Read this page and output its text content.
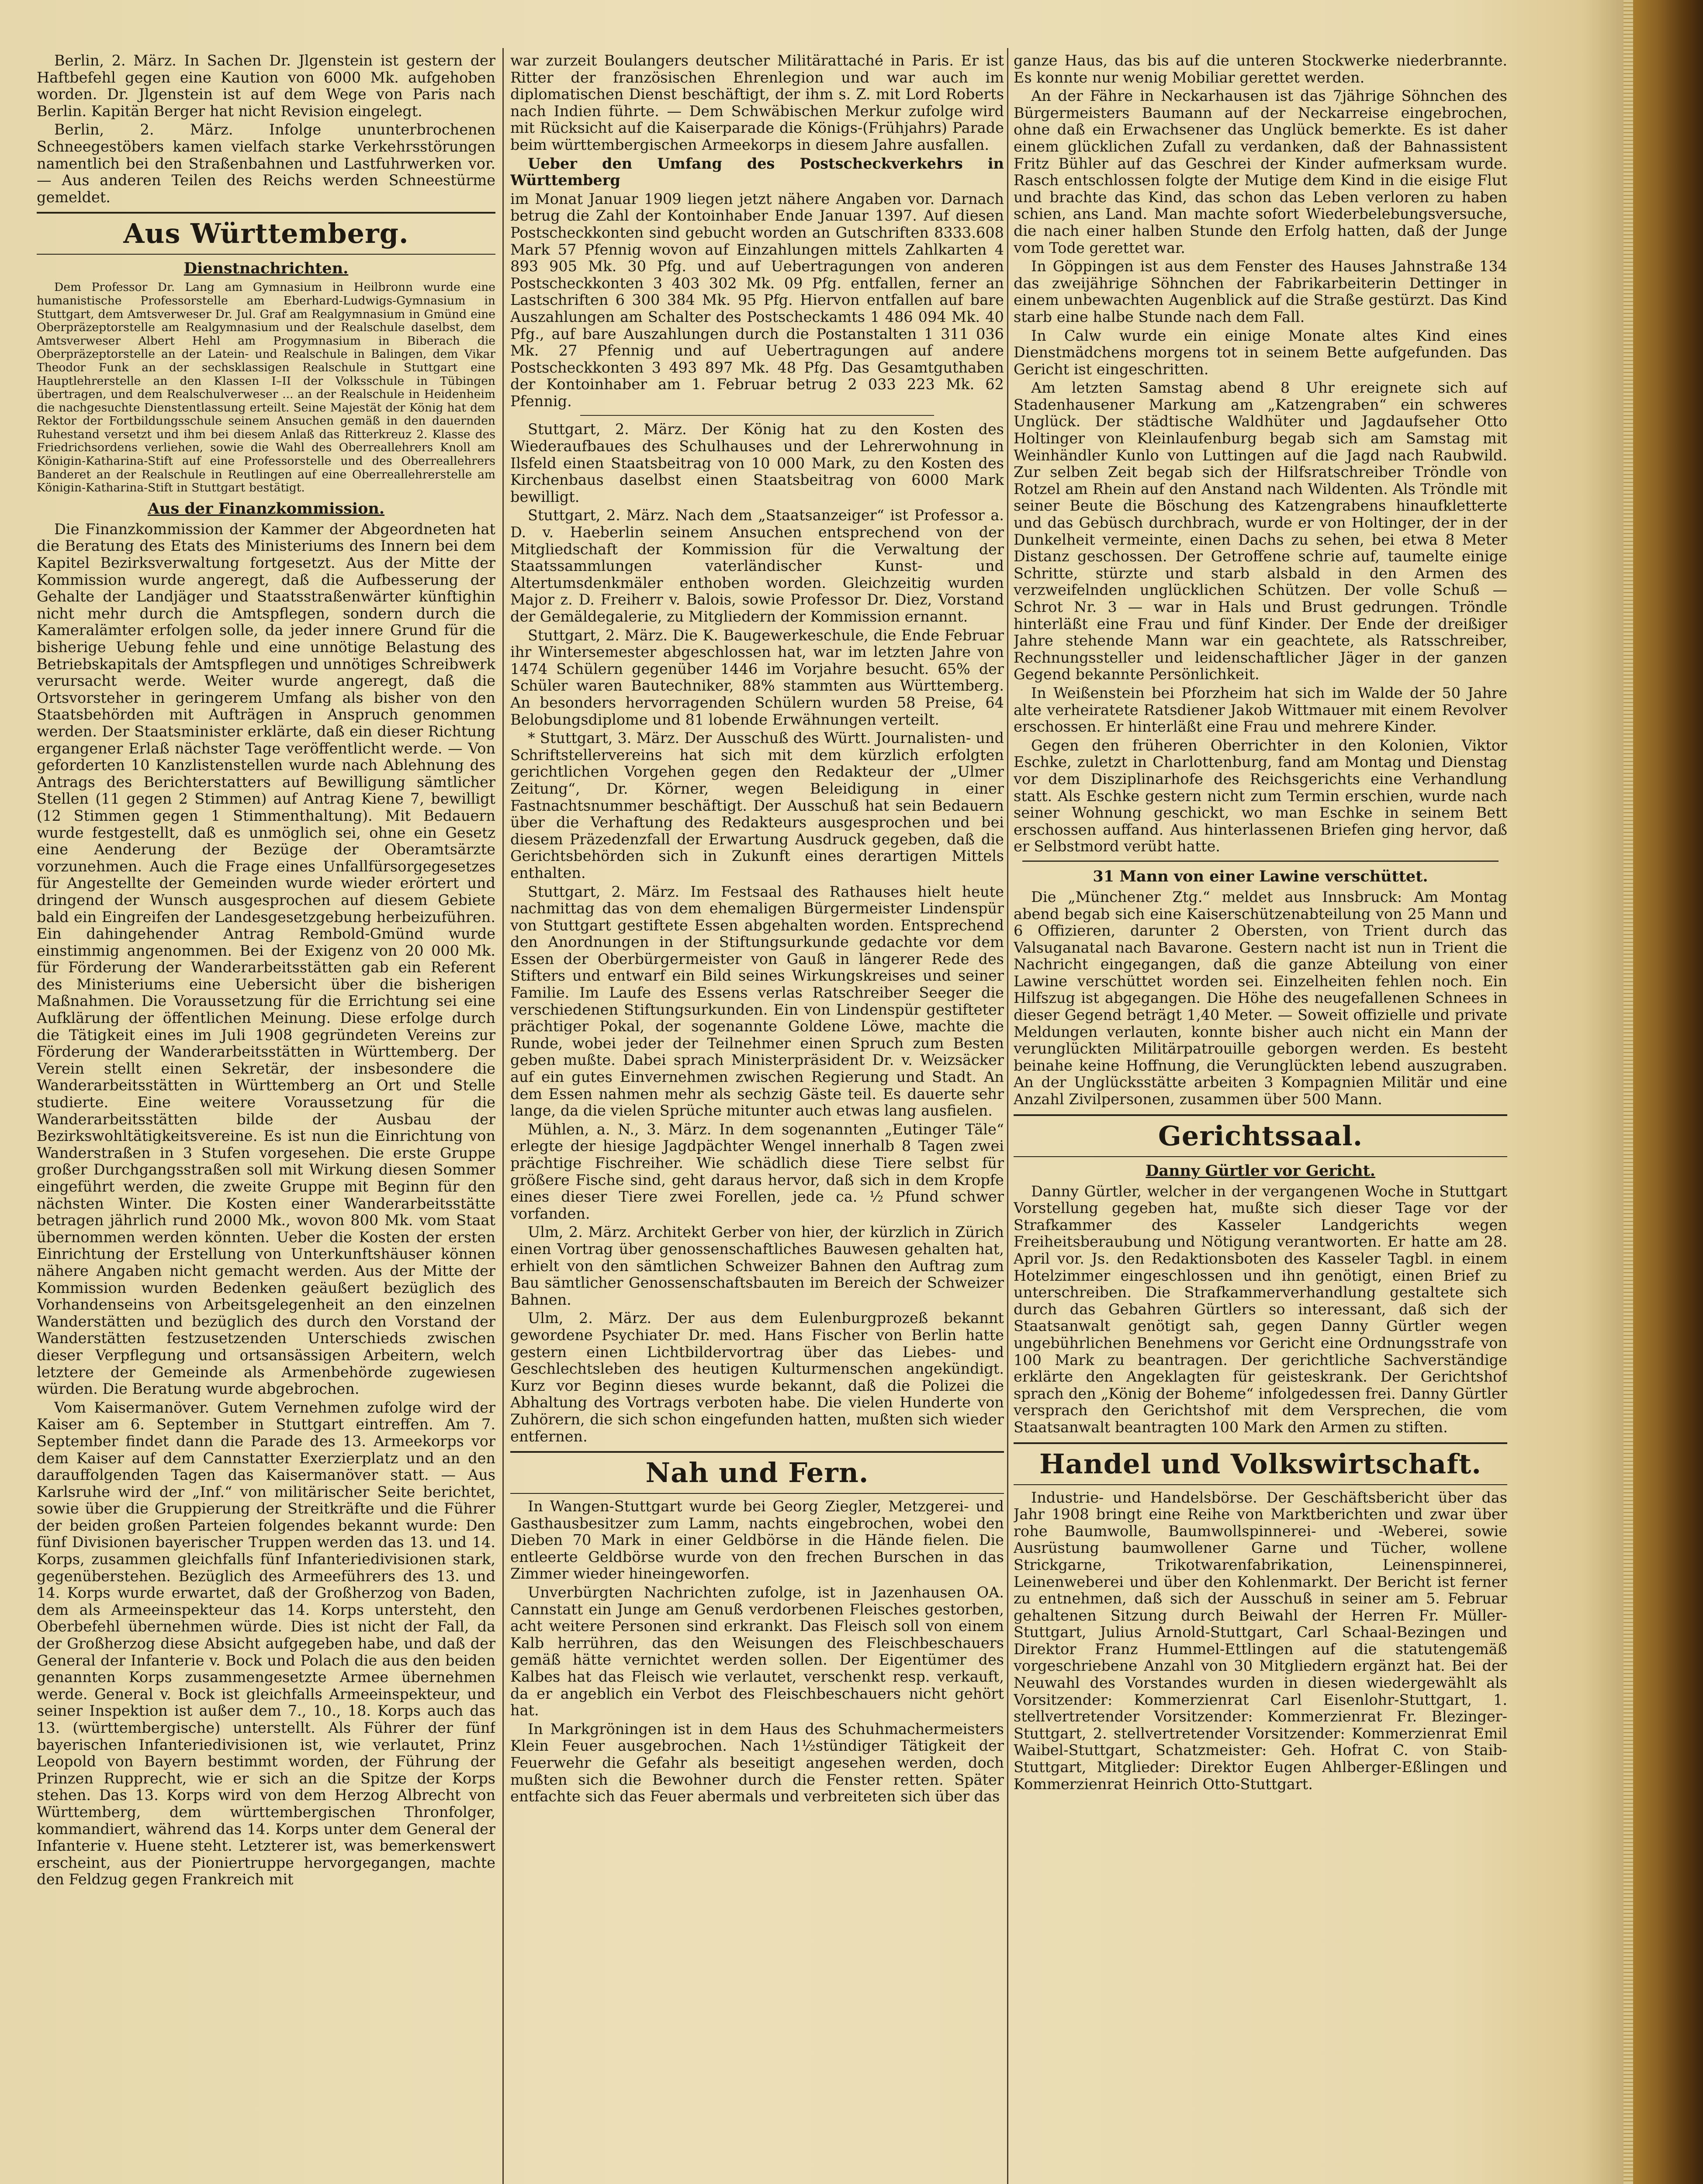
Berlin, 2. März. In Sachen Dr. Jlgenstein ist gestern der Haftbefehl gegen eine Kaution von 6000 Mk. aufgehoben worden. Dr. Jlgenstein ist auf dem Wege von Paris nach Berlin. Kapitän Berger hat nicht Revision eingelegt.

Berlin, 2. März. Infolge ununterbrochenen Schneegestöbers kamen vielfach starke Verkehrsstörungen namentlich bei den Straßenbahnen und Lastfuhrwerken vor. — Aus anderen Teilen des Reichs werden Schneestürme gemeldet.

Aus Württemberg.
Dienstnachrichten.

Dem Professor Dr. Lang am Gymnasium in Heilbronn wurde eine humanistische Professorstelle am Eberhard-Ludwigs-Gymnasium in Stuttgart, dem Amtsverweser Dr. Jul. Graf am Realgymnasium in Gmünd eine Oberpräzeptorstelle am Realgymnasium und der Realschule daselbst, dem Amtsverweser Albert Hehl am Progymnasium in Biberach die Oberpräzeptorstelle an der Latein- und Realschule in Balingen, dem Vikar Theodor Funk an der sechsklassigen Realschule in Stuttgart eine Hauptlehrerstelle an den Klassen I–II der Volksschule in Tübingen übertragen, und dem Realschulverweser ... an der Realschule in Heidenheim die nachgesuchte Dienstentlassung erteilt. Seine Majestät der König hat dem Rektor der Fortbildungsschule seinem Ansuchen gemäß in den dauernden Ruhestand versetzt und ihm bei diesem Anlaß das Ritterkreuz 2. Klasse des Friedrichsordens verliehen, sowie die Wahl des Oberreallehrers Knoll am Königin-Katharina-Stift auf eine Professorstelle und des Oberreallehrers Banderet an der Realschule in Reutlingen auf eine Oberreallehrerstelle am Königin-Katharina-Stift in Stuttgart bestätigt.

Aus der Finanzkommission.

Die Finanzkommission der Kammer der Abgeordneten hat die Beratung des Etats des Ministeriums des Innern bei dem Kapitel Bezirksverwaltung fortgesetzt. Aus der Mitte der Kommission wurde angeregt, daß die Aufbesserung der Gehalte der Landjäger und Staatsstraßenwärter künftighin nicht mehr durch die Amtspflegen, sondern durch die Kameralämter erfolgen solle, da jeder innere Grund für die bisherige Uebung fehle und eine unnötige Belastung des Betriebskapitals der Amtspflegen und unnötiges Schreibwerk verursacht werde. Weiter wurde angeregt, daß die Ortsvorsteher in geringerem Umfang als bisher von den Staatsbehörden mit Aufträgen in Anspruch genommen werden. Der Staatsminister erklärte, daß ein dieser Richtung ergangener Erlaß nächster Tage veröffentlicht werde. — Von geforderten 10 Kanzlistenstellen wurde nach Ablehnung des Antrags des Berichterstatters auf Bewilligung sämtlicher Stellen (11 gegen 2 Stimmen) auf Antrag Kiene 7, bewilligt (12 Stimmen gegen 1 Stimmenthaltung). Mit Bedauern wurde festgestellt, daß es unmöglich sei, ohne ein Gesetz eine Aenderung der Bezüge der Oberamtsärzte vorzunehmen. Auch die Frage eines Unfallfürsorgegesetzes für Angestellte der Gemeinden wurde wieder erörtert und dringend der Wunsch ausgesprochen auf diesem Gebiete bald ein Eingreifen der Landesgesetzgebung herbeizuführen. Ein dahingehender Antrag Rembold-Gmünd wurde einstimmig angenommen. Bei der Exigenz von 20 000 Mk. für Förderung der Wanderarbeitsstätten gab ein Referent des Ministeriums eine Uebersicht über die bisherigen Maßnahmen. Die Voraussetzung für die Errichtung sei eine Aufklärung der öffentlichen Meinung. Diese erfolge durch die Tätigkeit eines im Juli 1908 gegründeten Vereins zur Förderung der Wanderarbeitsstätten in Württemberg. Der Verein stellt einen Sekretär, der insbesondere die Wanderarbeitsstätten in Württemberg an Ort und Stelle studierte. Eine weitere Voraussetzung für die Wanderarbeitsstätten bilde der Ausbau der Bezirkswohltätigkeitsvereine. Es ist nun die Einrichtung von Wanderstraßen in 3 Stufen vorgesehen. Die erste Gruppe großer Durchgangsstraßen soll mit Wirkung diesen Sommer eingeführt werden, die zweite Gruppe mit Beginn für den nächsten Winter. Die Kosten einer Wanderarbeitsstätte betragen jährlich rund 2000 Mk., wovon 800 Mk. vom Staat übernommen werden könnten. Ueber die Kosten der ersten Einrichtung der Erstellung von Unterkunftshäuser können nähere Angaben nicht gemacht werden. Aus der Mitte der Kommission wurden Bedenken geäußert bezüglich des Vorhandenseins von Arbeitsgelegenheit an den einzelnen Wanderstätten und bezüglich des durch den Vorstand der Wanderstätten festzusetzenden Unterschieds zwischen dieser Verpflegung und ortsansässigen Arbeitern, welch letztere der Gemeinde als Armenbehörde zugewiesen würden. Die Beratung wurde abgebrochen.

Vom Kaisermanöver. Gutem Vernehmen zufolge wird der Kaiser am 6. September in Stuttgart eintreffen. Am 7. September findet dann die Parade des 13. Armeekorps vor dem Kaiser auf dem Cannstatter Exerzierplatz und an den darauffolgenden Tagen das Kaisermanöver statt. — Aus Karlsruhe wird der „Inf.“ von militärischer Seite berichtet, sowie über die Gruppierung der Streitkräfte und die Führer der beiden großen Parteien folgendes bekannt wurde: Den fünf Divisionen bayerischer Truppen werden das 13. und 14. Korps, zusammen gleichfalls fünf Infanteriedivisionen stark, gegenüberstehen. Bezüglich des Armeeführers des 13. und 14. Korps wurde erwartet, daß der Großherzog von Baden, dem als Armeeinspekteur das 14. Korps untersteht, den Oberbefehl übernehmen würde. Dies ist nicht der Fall, da der Großherzog diese Absicht aufgegeben habe, und daß der General der Infanterie v. Bock und Polach die aus den beiden genannten Korps zusammengesetzte Armee übernehmen werde. General v. Bock ist gleichfalls Armeeinspekteur, und seiner Inspektion ist außer dem 7., 10., 18. Korps auch das 13. (württembergische) unterstellt. Als Führer der fünf bayerischen Infanteriedivisionen ist, wie verlautet, Prinz Leopold von Bayern bestimmt worden, der Führung der Prinzen Rupprecht, wie er sich an die Spitze der Korps stehen. Das 13. Korps wird von dem Herzog Albrecht von Württemberg, dem württembergischen Thronfolger, kommandiert, während das 14. Korps unter dem General der Infanterie v. Huene steht. Letzterer ist, was bemerkenswert erscheint, aus der Pioniertruppe hervorgegangen, machte den Feldzug gegen Frankreich mit

war zurzeit Boulangers deutscher Militärattaché in Paris. Er ist Ritter der französischen Ehrenlegion und war auch im diplomatischen Dienst beschäftigt, der ihm s. Z. mit Lord Roberts nach Indien führte. — Dem Schwäbischen Merkur zufolge wird mit Rücksicht auf die Kaiserparade die Königs-(Frühjahrs) Parade beim württembergischen Armeekorps in diesem Jahre ausfallen.

Ueber den Umfang des Postscheckverkehrs in Württemberg

im Monat Januar 1909 liegen jetzt nähere Angaben vor. Darnach betrug die Zahl der Kontoinhaber Ende Januar 1397. Auf diesen Postscheckkonten sind gebucht worden an Gutschriften 8333.608 Mark 57 Pfennig wovon auf Einzahlungen mittels Zahlkarten 4 893 905 Mk. 30 Pfg. und auf Uebertragungen von anderen Postscheckkonten 3 403 302 Mk. 09 Pfg. entfallen, ferner an Lastschriften 6 300 384 Mk. 95 Pfg. Hiervon entfallen auf bare Auszahlungen am Schalter des Postscheckamts 1 486 094 Mk. 40 Pfg., auf bare Auszahlungen durch die Postanstalten 1 311 036 Mk. 27 Pfennig und auf Uebertragungen auf andere Postscheckkonten 3 493 897 Mk. 48 Pfg. Das Gesamtguthaben der Kontoinhaber am 1. Februar betrug 2 033 223 Mk. 62 Pfennig.

Stuttgart, 2. März. Der König hat zu den Kosten des Wiederaufbaues des Schulhauses und der Lehrerwohnung in Ilsfeld einen Staatsbeitrag von 10 000 Mark, zu den Kosten des Kirchenbaus daselbst einen Staatsbeitrag von 6000 Mark bewilligt.

Stuttgart, 2. März. Nach dem „Staatsanzeiger“ ist Professor a. D. v. Haeberlin seinem Ansuchen entsprechend von der Mitgliedschaft der Kommission für die Verwaltung der Staatssammlungen vaterländischer Kunst- und Altertumsdenkmäler enthoben worden. Gleichzeitig wurden Major z. D. Freiherr v. Balois, sowie Professor Dr. Diez, Vorstand der Gemäldegalerie, zu Mitgliedern der Kommission ernannt.

Stuttgart, 2. März. Die K. Baugewerkeschule, die Ende Februar ihr Wintersemester abgeschlossen hat, war im letzten Jahre von 1474 Schülern gegenüber 1446 im Vorjahre besucht. 65% der Schüler waren Bautechniker, 88% stammten aus Württemberg. An besonders hervorragenden Schülern wurden 58 Preise, 64 Belobungsdiplome und 81 lobende Erwähnungen verteilt.

* Stuttgart, 3. März. Der Ausschuß des Württ. Journalisten- und Schriftstellervereins hat sich mit dem kürzlich erfolgten gerichtlichen Vorgehen gegen den Redakteur der „Ulmer Zeitung“, Dr. Körner, wegen Beleidigung in einer Fastnachtsnummer beschäftigt. Der Ausschuß hat sein Bedauern über die Verhaftung des Redakteurs ausgesprochen und bei diesem Präzedenzfall der Erwartung Ausdruck gegeben, daß die Gerichtsbehörden sich in Zukunft eines derartigen Mittels enthalten.

Stuttgart, 2. März. Im Festsaal des Rathauses hielt heute nachmittag das von dem ehemaligen Bürgermeister Lindenspür von Stuttgart gestiftete Essen abgehalten worden. Entsprechend den Anordnungen in der Stiftungsurkunde gedachte vor dem Essen der Oberbürgermeister von Gauß in längerer Rede des Stifters und entwarf ein Bild seines Wirkungskreises und seiner Familie. Im Laufe des Essens verlas Ratschreiber Seeger die verschiedenen Stiftungsurkunden. Ein von Lindenspür gestifteter prächtiger Pokal, der sogenannte Goldene Löwe, machte die Runde, wobei jeder der Teilnehmer einen Spruch zum Besten geben mußte. Dabei sprach Ministerpräsident Dr. v. Weizsäcker auf ein gutes Einvernehmen zwischen Regierung und Stadt. An dem Essen nahmen mehr als sechzig Gäste teil. Es dauerte sehr lange, da die vielen Sprüche mitunter auch etwas lang ausfielen.

Mühlen, a. N., 3. März. In dem sogenannten „Eutinger Täle“ erlegte der hiesige Jagdpächter Wengel innerhalb 8 Tagen zwei prächtige Fischreiher. Wie schädlich diese Tiere selbst für größere Fische sind, geht daraus hervor, daß sich in dem Kropfe eines dieser Tiere zwei Forellen, jede ca. ½ Pfund schwer vorfanden.

Ulm, 2. März. Architekt Gerber von hier, der kürzlich in Zürich einen Vortrag über genossenschaftliches Bauwesen gehalten hat, erhielt von den sämtlichen Schweizer Bahnen den Auftrag zum Bau sämtlicher Genossenschaftsbauten im Bereich der Schweizer Bahnen.

Ulm, 2. März. Der aus dem Eulenburgprozeß bekannt gewordene Psychiater Dr. med. Hans Fischer von Berlin hatte gestern einen Lichtbildervortrag über das Liebes- und Geschlechtsleben des heutigen Kulturmenschen angekündigt. Kurz vor Beginn dieses wurde bekannt, daß die Polizei die Abhaltung des Vortrags verboten habe. Die vielen Hunderte von Zuhörern, die sich schon eingefunden hatten, mußten sich wieder entfernen.

Nah und Fern.

In Wangen-Stuttgart wurde bei Georg Ziegler, Metzgerei- und Gasthausbesitzer zum Lamm, nachts eingebrochen, wobei den Dieben 70 Mark in einer Geldbörse in die Hände fielen. Die entleerte Geldbörse wurde von den frechen Burschen in das Zimmer wieder hineingeworfen.

Unverbürgten Nachrichten zufolge, ist in Jazenhausen OA. Cannstatt ein Junge am Genuß verdorbenen Fleisches gestorben, acht weitere Personen sind erkrankt. Das Fleisch soll von einem Kalb herrühren, das den Weisungen des Fleischbeschauers gemäß hätte vernichtet werden sollen. Der Eigentümer des Kalbes hat das Fleisch wie verlautet, verschenkt resp. verkauft, da er angeblich ein Verbot des Fleischbeschauers nicht gehört hat.

In Markgröningen ist in dem Haus des Schuhmachermeisters Klein Feuer ausgebrochen. Nach 1½stündiger Tätigkeit der Feuerwehr die Gefahr als beseitigt angesehen werden, doch mußten sich die Bewohner durch die Fenster retten. Später entfachte sich das Feuer abermals und verbreiteten sich über das

ganze Haus, das bis auf die unteren Stockwerke niederbrannte. Es konnte nur wenig Mobiliar gerettet werden.

An der Fähre in Neckarhausen ist das 7jährige Söhnchen des Bürgermeisters Baumann auf der Neckarreise eingebrochen, ohne daß ein Erwachsener das Unglück bemerkte. Es ist daher einem glücklichen Zufall zu verdanken, daß der Bahnassistent Fritz Bühler auf das Geschrei der Kinder aufmerksam wurde. Rasch entschlossen folgte der Mutige dem Kind in die eisige Flut und brachte das Kind, das schon das Leben verloren zu haben schien, ans Land. Man machte sofort Wiederbelebungsversuche, die nach einer halben Stunde den Erfolg hatten, daß der Junge vom Tode gerettet war.

In Göppingen ist aus dem Fenster des Hauses Jahnstraße 134 das zweijährige Söhnchen der Fabrikarbeiterin Dettinger in einem unbewachten Augenblick auf die Straße gestürzt. Das Kind starb eine halbe Stunde nach dem Fall.

In Calw wurde ein einige Monate altes Kind eines Dienstmädchens morgens tot in seinem Bette aufgefunden. Das Gericht ist eingeschritten.

Am letzten Samstag abend 8 Uhr ereignete sich auf Stadenhausener Markung am „Katzengraben“ ein schweres Unglück. Der städtische Waldhüter und Jagdaufseher Otto Holtinger von Kleinlaufenburg begab sich am Samstag mit Weinhändler Kunlo von Luttingen auf die Jagd nach Raubwild. Zur selben Zeit begab sich der Hilfsratschreiber Tröndle von Rotzel am Rhein auf den Anstand nach Wildenten. Als Tröndle mit seiner Beute die Böschung des Katzengrabens hinaufkletterte und das Gebüsch durchbrach, wurde er von Holtinger, der in der Dunkelheit vermeinte, einen Dachs zu sehen, bei etwa 8 Meter Distanz geschossen. Der Getroffene schrie auf, taumelte einige Schritte, stürzte und starb alsbald in den Armen des verzweifelnden unglücklichen Schützen. Der volle Schuß — Schrot Nr. 3 — war in Hals und Brust gedrungen. Tröndle hinterläßt eine Frau und fünf Kinder. Der Ende der dreißiger Jahre stehende Mann war ein geachtete, als Ratsschreiber, Rechnungssteller und leidenschaftlicher Jäger in der ganzen Gegend bekannte Persönlichkeit.

In Weißenstein bei Pforzheim hat sich im Walde der 50 Jahre alte verheiratete Ratsdiener Jakob Wittmauer mit einem Revolver erschossen. Er hinterläßt eine Frau und mehrere Kinder.

Gegen den früheren Oberrichter in den Kolonien, Viktor Eschke, zuletzt in Charlottenburg, fand am Montag und Dienstag vor dem Disziplinarhofe des Reichsgerichts eine Verhandlung statt. Als Eschke gestern nicht zum Termin erschien, wurde nach seiner Wohnung geschickt, wo man Eschke in seinem Bett erschossen auffand. Aus hinterlassenen Briefen ging hervor, daß er Selbstmord verübt hatte.

31 Mann von einer Lawine verschüttet.

Die „Münchener Ztg.“ meldet aus Innsbruck: Am Montag abend begab sich eine Kaiserschützenabteilung von 25 Mann und 6 Offizieren, darunter 2 Obersten, von Trient durch das Valsuganatal nach Bavarone. Gestern nacht ist nun in Trient die Nachricht eingegangen, daß die ganze Abteilung von einer Lawine verschüttet worden sei. Einzelheiten fehlen noch. Ein Hilfszug ist abgegangen. Die Höhe des neugefallenen Schnees in dieser Gegend beträgt 1,40 Meter. — Soweit offizielle und private Meldungen verlauten, konnte bisher auch nicht ein Mann der verunglückten Militärpatrouille geborgen werden. Es besteht beinahe keine Hoffnung, die Verunglückten lebend auszugraben. An der Unglücksstätte arbeiten 3 Kompagnien Militär und eine Anzahl Zivilpersonen, zusammen über 500 Mann.

Gerichtssaal.
Danny Gürtler vor Gericht.

Danny Gürtler, welcher in der vergangenen Woche in Stuttgart Vorstellung gegeben hat, mußte sich dieser Tage vor der Strafkammer des Kasseler Landgerichts wegen Freiheitsberaubung und Nötigung verantworten. Er hatte am 28. April vor. Js. den Redaktionsboten des Kasseler Tagbl. in einem Hotelzimmer eingeschlossen und ihn genötigt, einen Brief zu unterschreiben. Die Strafkammerverhandlung gestaltete sich durch das Gebahren Gürtlers so interessant, daß sich der Staatsanwalt genötigt sah, gegen Danny Gürtler wegen ungebührlichen Benehmens vor Gericht eine Ordnungsstrafe von 100 Mark zu beantragen. Der gerichtliche Sachverständige erklärte den Angeklagten für geisteskrank. Der Gerichtshof sprach den „König der Boheme“ infolgedessen frei. Danny Gürtler versprach den Gerichtshof mit dem Versprechen, die vom Staatsanwalt beantragten 100 Mark den Armen zu stiften.

Handel und Volkswirtschaft.

Industrie- und Handelsbörse. Der Geschäftsbericht über das Jahr 1908 bringt eine Reihe von Marktberichten und zwar über rohe Baumwolle, Baumwollspinnerei- und -Weberei, sowie Ausrüstung baumwollener Garne und Tücher, wollene Strickgarne, Trikotwarenfabrikation, Leinenspinnerei, Leinenweberei und über den Kohlenmarkt. Der Bericht ist ferner zu entnehmen, daß sich der Ausschuß in seiner am 5. Februar gehaltenen Sitzung durch Beiwahl der Herren Fr. Müller-Stuttgart, Julius Arnold-Stuttgart, Carl Schaal-Bezingen und Direktor Franz Hummel-Ettlingen auf die statutengemäß vorgeschriebene Anzahl von 30 Mitgliedern ergänzt hat. Bei der Neuwahl des Vorstandes wurden in diesen wiedergewählt als Vorsitzender: Kommerzienrat Carl Eisenlohr-Stuttgart, 1. stellvertretender Vorsitzender: Kommerzienrat Fr. Blezinger-Stuttgart, 2. stellvertretender Vorsitzender: Kommerzienrat Emil Waibel-Stuttgart, Schatzmeister: Geh. Hofrat C. von Staib-Stuttgart, Mitglieder: Direktor Eugen Ahlberger-Eßlingen und Kommerzienrat Heinrich Otto-Stuttgart.
